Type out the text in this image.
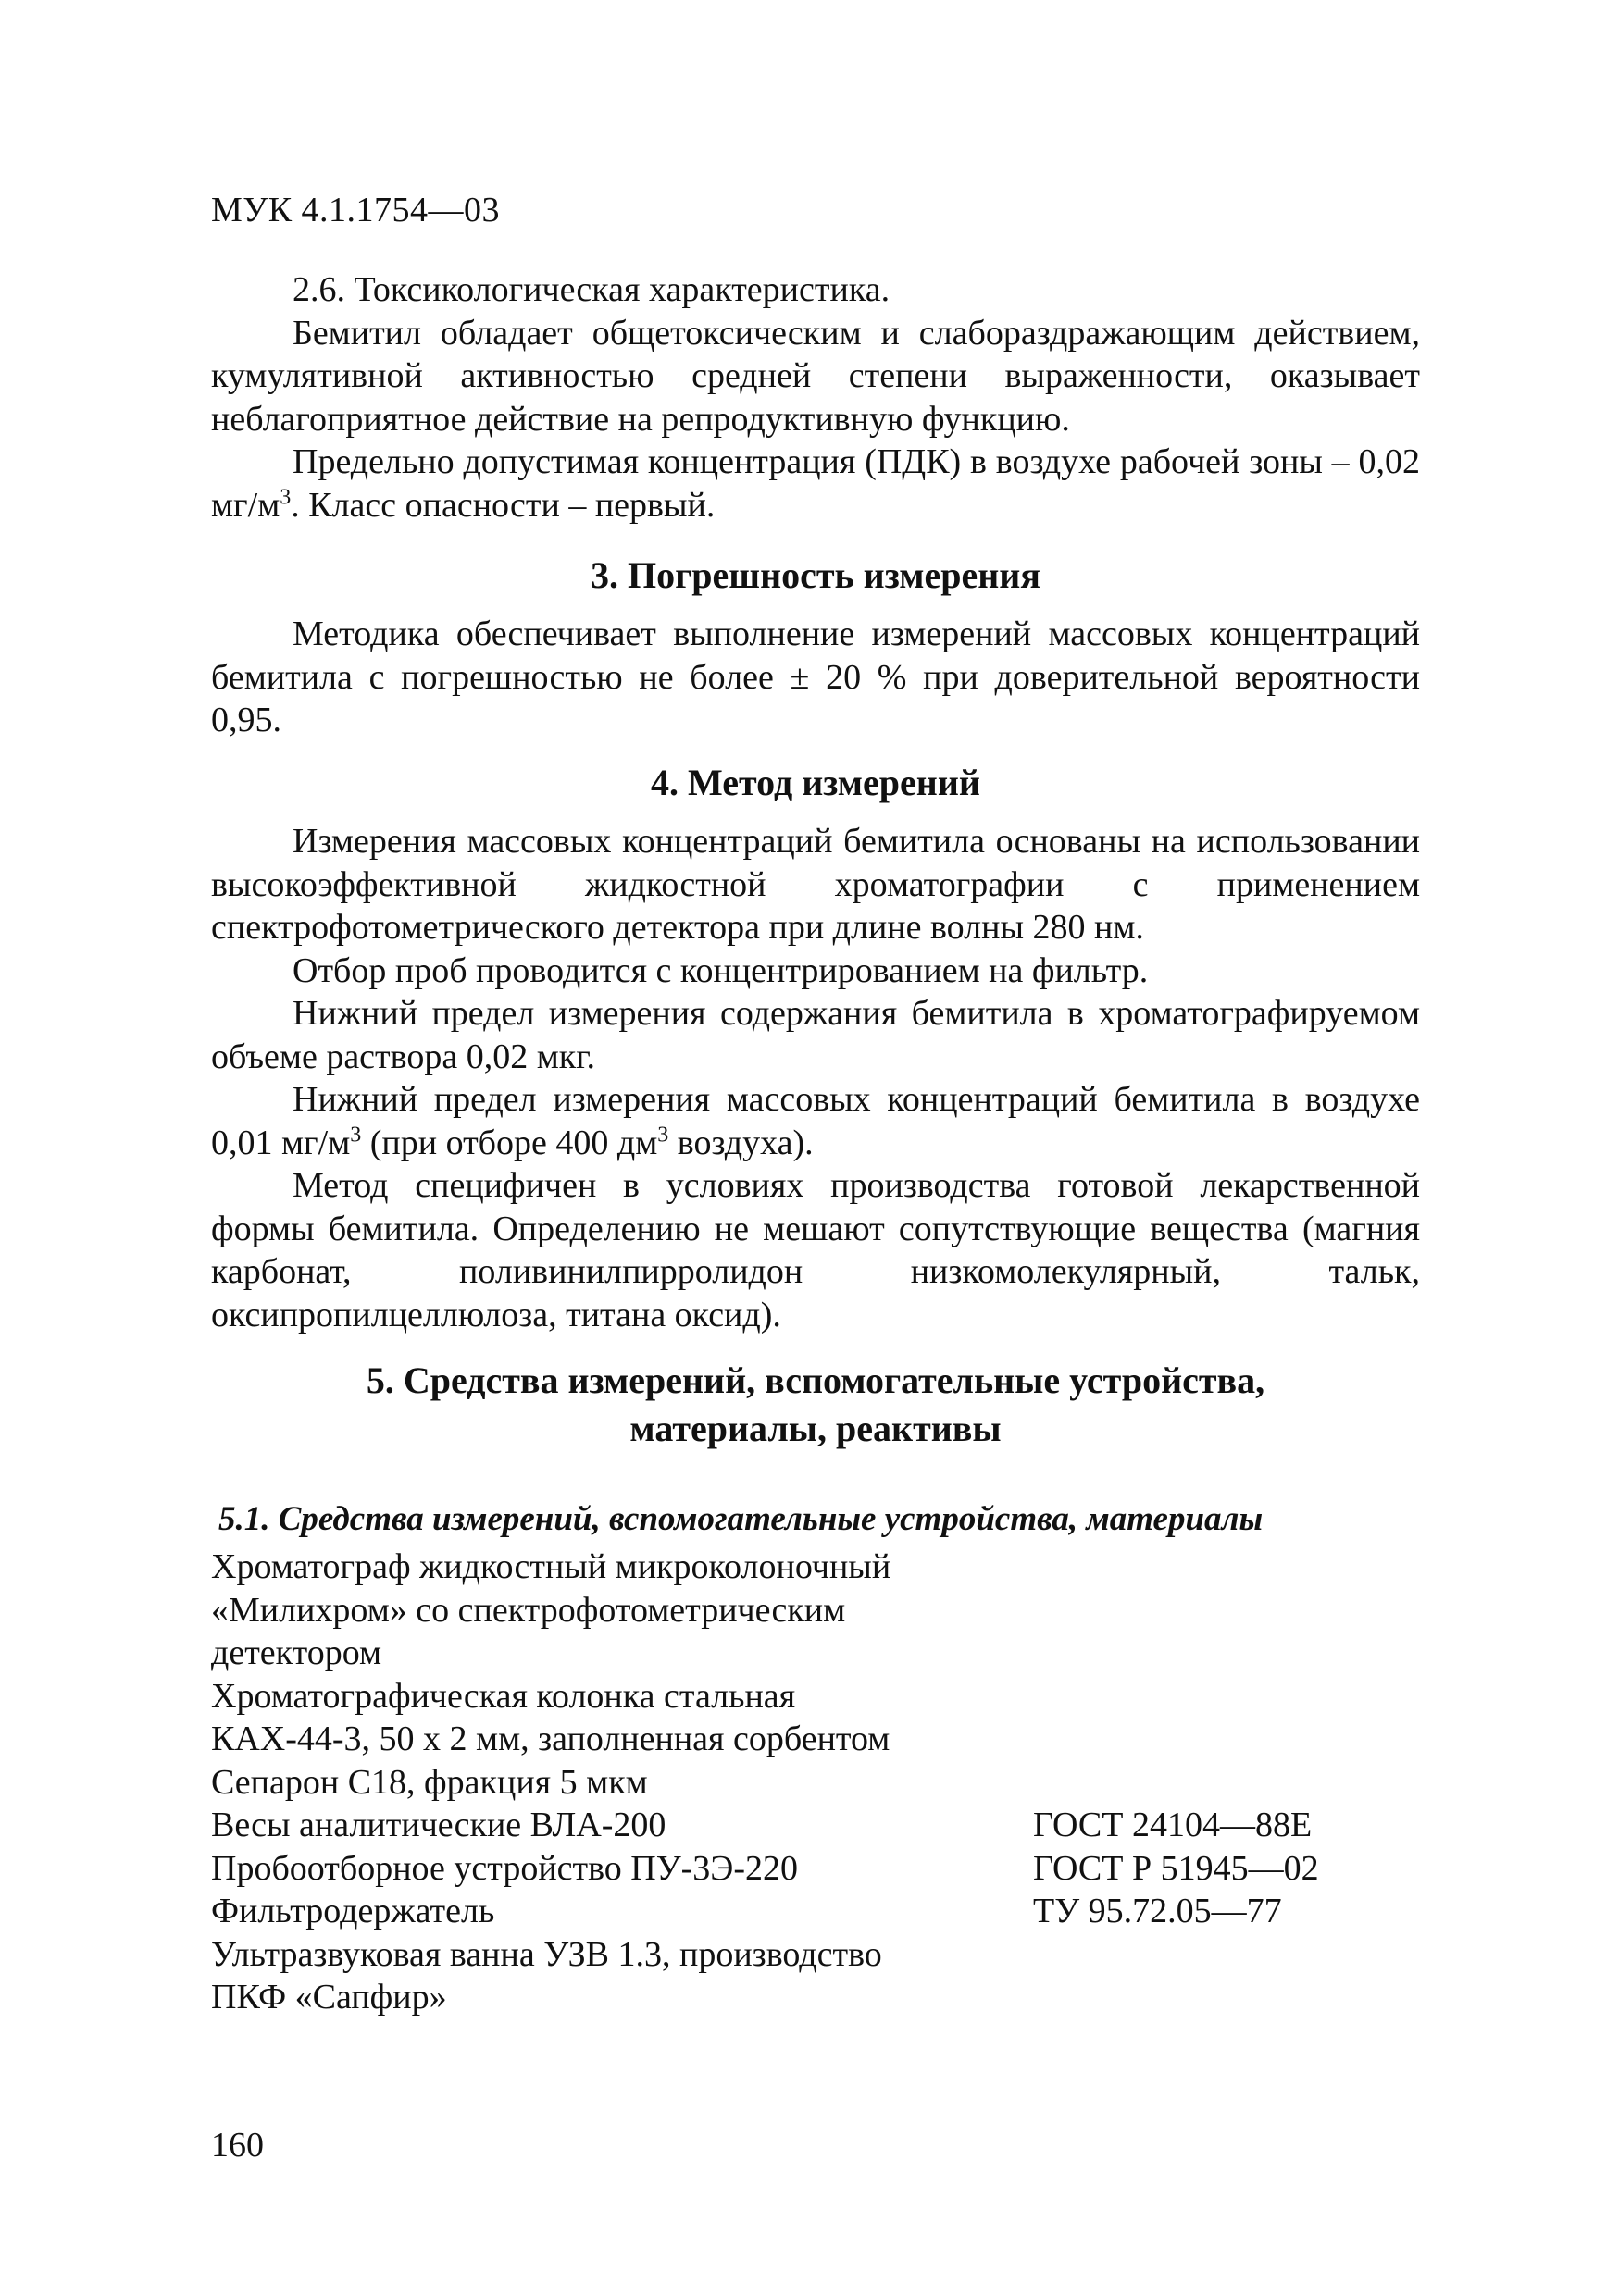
МУК 4.1.1754—03

2.6. Токсикологическая характеристика.

Бемитил обладает общетоксическим и слабораздражающим действием, кумулятивной активностью средней степени выраженности, оказывает неблагоприятное действие на репродуктивную функцию.

Предельно допустимая концентрация (ПДК) в воздухе рабочей зоны – 0,02 $мг/м^3$. Класс опасности – первый.

3. Погрешность измерения

Методика обеспечивает выполнение измерений массовых концентраций бемитила с погрешностью не более ± 20 % при доверительной вероятности 0,95.

4. Метод измерений

Измерения массовых концентраций бемитила основаны на использовании высокоэффективной жидкостной хроматографии с применением спектрофотометрического детектора при длине волны 280 нм.

Отбор проб проводится с концентрированием на фильтр.

Нижний предел измерения содержания бемитила в хроматографируемом объеме раствора 0,02 мкг.

Нижний предел измерения массовых концентраций бемитила в воздухе 0,01 $мг/м^3$ (при отборе 400 $дм^3$ воздуха).

Метод специфичен в условиях производства готовой лекарственной формы бемитила. Определению не мешают сопутствующие вещества (магния карбонат, поливинилпирролидон низкомолекулярный, тальк, оксипропилцеллюлоза, титана оксид).

5. Средства измерений, вспомогательные устройства,
материалы, реактивы
5.1. Средства измерений, вспомогательные устройства, материалы
Хроматограф жидкостный микроколоночный
«Милихром» со спектрофотометрическим
детектором
Хроматографическая колонка стальная
КАХ-44-3, 50 х 2 мм, заполненная сорбентом
Сепарон С18, фракция 5 мкм
Весы аналитические ВЛА-200	ГОСТ 24104—88Е
Пробоотборное устройство ПУ-3Э-220	ГОСТ Р 51945—02
Фильтродержатель	ТУ 95.72.05—77
Ультразвуковая ванна УЗВ 1.3, производство
ПКФ «Сапфир»
160
